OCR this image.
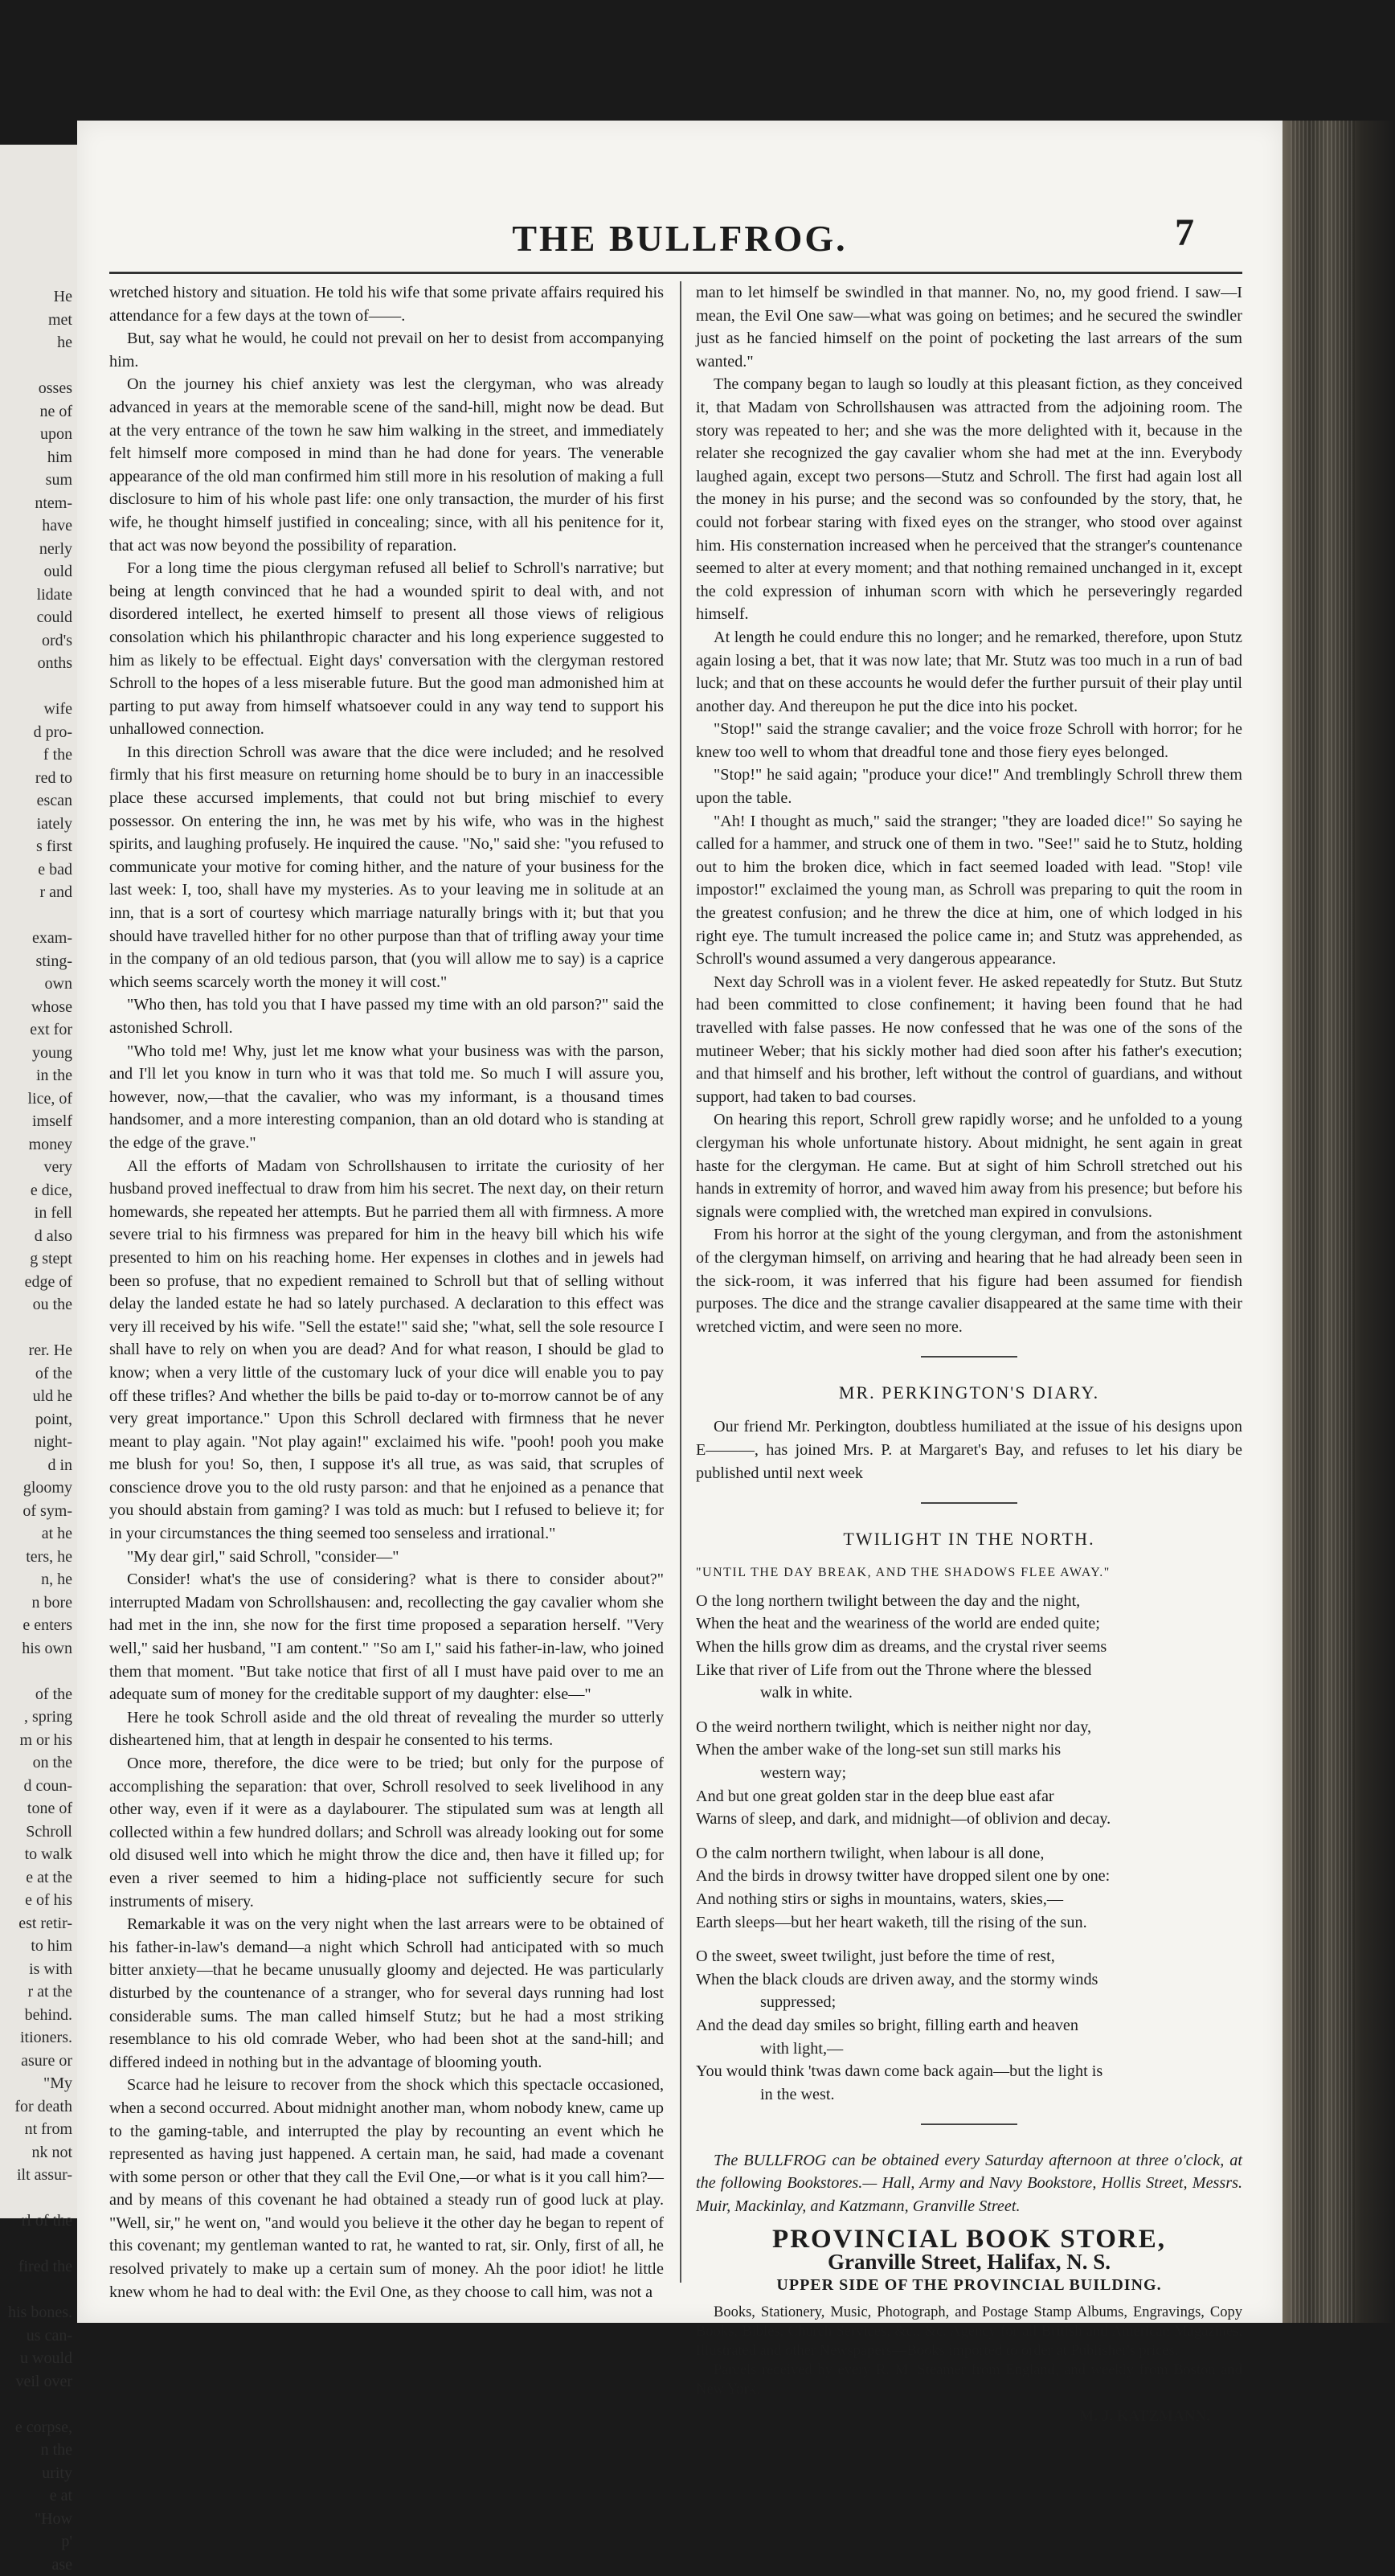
He
met
he

osses
ne of
upon
him
sum
ntem-
have
nerly
ould
lidate
could
ord's
onths

wife
d pro-
f the
red to
escan
iately
s first
e bad
r and

exam-
sting-
own
whose
ext for
young
in the
lice, of
imself
money
very
e dice,
in fell
d also
g stept
edge of
ou the

rer. He
of the
uld he
point,
night-
d in
gloomy
of sym-
at he
ters, he
n, he
n bore
e enters
his own

of the
, spring
m or his
on the
d coun-
tone of
Schroll
to walk
e at the
e of his
est retir-
to him
is with
r at the
behind.
itioners.
asure or
"My
for death
nt from
nk not
ilt assur-

rl of the

fired the

his bones.
us can-
u would
veil over

e corpse,
n the
urity
e at
"How
p'
ase
THE BULLFROG.	7

wretched history and situation. He told his wife that some private affairs required his attendance for a few days at the town of——.

But, say what he would, he could not prevail on her to desist from accompanying him.

On the journey his chief anxiety was lest the clergyman, who was already advanced in years at the memorable scene of the sand-hill, might now be dead. But at the very entrance of the town he saw him walking in the street, and immediately felt himself more composed in mind than he had done for years. The venerable appearance of the old man confirmed him still more in his resolution of making a full disclosure to him of his whole past life: one only transaction, the murder of his first wife, he thought himself justified in concealing; since, with all his penitence for it, that act was now beyond the possibility of reparation.

For a long time the pious clergyman refused all belief to Schroll's narrative; but being at length convinced that he had a wounded spirit to deal with, and not disordered intellect, he exerted himself to present all those views of religious consolation which his philanthropic character and his long experience suggested to him as likely to be effectual. Eight days' conversation with the clergyman restored Schroll to the hopes of a less miserable future. But the good man admonished him at parting to put away from himself whatsoever could in any way tend to support his unhallowed connection.

In this direction Schroll was aware that the dice were included; and he resolved firmly that his first measure on returning home should be to bury in an inaccessible place these accursed implements, that could not but bring mischief to every possessor. On entering the inn, he was met by his wife, who was in the highest spirits, and laughing profusely. He inquired the cause. "No," said she: "you refused to communicate your motive for coming hither, and the nature of your business for the last week: I, too, shall have my mysteries. As to your leaving me in solitude at an inn, that is a sort of courtesy which marriage naturally brings with it; but that you should have travelled hither for no other purpose than that of trifling away your time in the company of an old tedious parson, that (you will allow me to say) is a caprice which seems scarcely worth the money it will cost."

"Who then, has told you that I have passed my time with an old parson?" said the astonished Schroll.

"Who told me! Why, just let me know what your business was with the parson, and I'll let you know in turn who it was that told me. So much I will assure you, however, now,—that the cavalier, who was my informant, is a thousand times handsomer, and a more interesting companion, than an old dotard who is standing at the edge of the grave."

All the efforts of Madam von Schrollshausen to irritate the curiosity of her husband proved ineffectual to draw from him his secret. The next day, on their return homewards, she repeated her attempts. But he parried them all with firmness. A more severe trial to his firmness was prepared for him in the heavy bill which his wife presented to him on his reaching home. Her expenses in clothes and in jewels had been so profuse, that no expedient remained to Schroll but that of selling without delay the landed estate he had so lately purchased. A declaration to this effect was very ill received by his wife. "Sell the estate!" said she; "what, sell the sole resource I shall have to rely on when you are dead? And for what reason, I should be glad to know; when a very little of the customary luck of your dice will enable you to pay off these trifles? And whether the bills be paid to-day or to-morrow cannot be of any very great importance." Upon this Schroll declared with firmness that he never meant to play again. "Not play again!" exclaimed his wife. "pooh! pooh you make me blush for you! So, then, I suppose it's all true, as was said, that scruples of conscience drove you to the old rusty parson: and that he enjoined as a penance that you should abstain from gaming? I was told as much: but I refused to believe it; for in your circumstances the thing seemed too senseless and irrational."

"My dear girl," said Schroll, "consider—"

Consider! what's the use of considering? what is there to consider about?" interrupted Madam von Schrollshausen: and, recollecting the gay cavalier whom she had met in the inn, she now for the first time proposed a separation herself. "Very well," said her husband, "I am content." "So am I," said his father-in-law, who joined them that moment. "But take notice that first of all I must have paid over to me an adequate sum of money for the creditable support of my daughter: else—"

Here he took Schroll aside and the old threat of revealing the murder so utterly disheartened him, that at length in despair he consented to his terms.

Once more, therefore, the dice were to be tried; but only for the purpose of accomplishing the separation: that over, Schroll resolved to seek livelihood in any other way, even if it were as a daylabourer. The stipulated sum was at length all collected within a few hundred dollars; and Schroll was already looking out for some old disused well into which he might throw the dice and, then have it filled up; for even a river seemed to him a hiding-place not sufficiently secure for such instruments of misery.

Remarkable it was on the very night when the last arrears were to be obtained of his father-in-law's demand—a night which Schroll had anticipated with so much bitter anxiety—that he became unusually gloomy and dejected. He was particularly disturbed by the countenance of a stranger, who for several days running had lost considerable sums. The man called himself Stutz; but he had a most striking resemblance to his old comrade Weber, who had been shot at the sand-hill; and differed indeed in nothing but in the advantage of blooming youth.

Scarce had he leisure to recover from the shock which this spectacle occasioned, when a second occurred. About midnight another man, whom nobody knew, came up to the gaming-table, and interrupted the play by recounting an event which he represented as having just happened. A certain man, he said, had made a covenant with some person or other that they call the Evil One,—or what is it you call him?—and by means of this covenant he had obtained a steady run of good luck at play. "Well, sir," he went on, "and would you believe it the other day he began to repent of this covenant; my gentleman wanted to rat, he wanted to rat, sir. Only, first of all, he resolved privately to make up a certain sum of money. Ah the poor idiot! he little knew whom he had to deal with: the Evil One, as they choose to call him, was not a

man to let himself be swindled in that manner. No, no, my good friend. I saw—I mean, the Evil One saw—what was going on betimes; and he secured the swindler just as he fancied himself on the point of pocketing the last arrears of the sum wanted."

The company began to laugh so loudly at this pleasant fiction, as they conceived it, that Madam von Schrollshausen was attracted from the adjoining room. The story was repeated to her; and she was the more delighted with it, because in the relater she recognized the gay cavalier whom she had met at the inn. Everybody laughed again, except two persons—Stutz and Schroll. The first had again lost all the money in his purse; and the second was so confounded by the story, that, he could not forbear staring with fixed eyes on the stranger, who stood over against him. His consternation increased when he perceived that the stranger's countenance seemed to alter at every moment; and that nothing remained unchanged in it, except the cold expression of inhuman scorn with which he perseveringly regarded himself.

At length he could endure this no longer; and he remarked, therefore, upon Stutz again losing a bet, that it was now late; that Mr. Stutz was too much in a run of bad luck; and that on these accounts he would defer the further pursuit of their play until another day. And thereupon he put the dice into his pocket.

"Stop!" said the strange cavalier; and the voice froze Schroll with horror; for he knew too well to whom that dreadful tone and those fiery eyes belonged.

"Stop!" he said again; "produce your dice!" And tremblingly Schroll threw them upon the table.

"Ah! I thought as much," said the stranger; "they are loaded dice!" So saying he called for a hammer, and struck one of them in two. "See!" said he to Stutz, holding out to him the broken dice, which in fact seemed loaded with lead. "Stop! vile impostor!" exclaimed the young man, as Schroll was preparing to quit the room in the greatest confusion; and he threw the dice at him, one of which lodged in his right eye. The tumult increased the police came in; and Stutz was apprehended, as Schroll's wound assumed a very dangerous appearance.

Next day Schroll was in a violent fever. He asked repeatedly for Stutz. But Stutz had been committed to close confinement; it having been found that he had travelled with false passes. He now confessed that he was one of the sons of the mutineer Weber; that his sickly mother had died soon after his father's execution; and that himself and his brother, left without the control of guardians, and without support, had taken to bad courses.

On hearing this report, Schroll grew rapidly worse; and he unfolded to a young clergyman his whole unfortunate history. About midnight, he sent again in great haste for the clergyman. He came. But at sight of him Schroll stretched out his hands in extremity of horror, and waved him away from his presence; but before his signals were complied with, the wretched man expired in convulsions.

From his horror at the sight of the young clergyman, and from the astonishment of the clergyman himself, on arriving and hearing that he had already been seen in the sick-room, it was inferred that his figure had been assumed for fiendish purposes. The dice and the strange cavalier disappeared at the same time with their wretched victim, and were seen no more.

MR. PERKINGTON'S DIARY.

Our friend Mr. Perkington, doubtless humiliated at the issue of his designs upon E———, has joined Mrs. P. at Margaret's Bay, and refuses to let his diary be published until next week

TWILIGHT IN THE NORTH.
"UNTIL THE DAY BREAK, AND THE SHADOWS FLEE AWAY."
O the long northern twilight between the day and the night,
When the heat and the weariness of the world are ended quite;
When the hills grow dim as dreams, and the crystal river seems
Like that river of Life from out the Throne where the blessed
walk in white.
O the weird northern twilight, which is neither night nor day,
When the amber wake of the long-set sun still marks his
western way;
And but one great golden star in the deep blue east afar
Warns of sleep, and dark, and midnight—of oblivion and decay.
O the calm northern twilight, when labour is all done,
And the birds in drowsy twitter have dropped silent one by one:
And nothing stirs or sighs in mountains, waters, skies,—
Earth sleeps—but her heart waketh, till the rising of the sun.
O the sweet, sweet twilight, just before the time of rest,
When the black clouds are driven away, and the stormy winds
suppressed;
And the dead day smiles so bright, filling earth and heaven
with light,—
You would think 'twas dawn come back again—but the light is
in the west.

The BULLFROG can be obtained every Saturday afternoon at three o'clock, at the following Bookstores.— Hall, Army and Navy Bookstore, Hollis Street, Messrs. Muir, Mackinlay, and Katzmann, Granville Street.

PROVINCIAL BOOK STORE,
Granville Street, Halifax, N. S.
UPPER SIDE OF THE PROVINCIAL BUILDING.

Books, Stationery, Music, Photograph, and Postage Stamp Albums, Engravings, Copy Books, Bibles, Church Services, &c., &c. Agency for all British and American Magazines, Illustrated and other Newspapers—Books imported to order at Publisher's prices.

Parcels received by every R. M. Steamer from England, and weekly from Boston and New York.

M. J. KATZMANN.
